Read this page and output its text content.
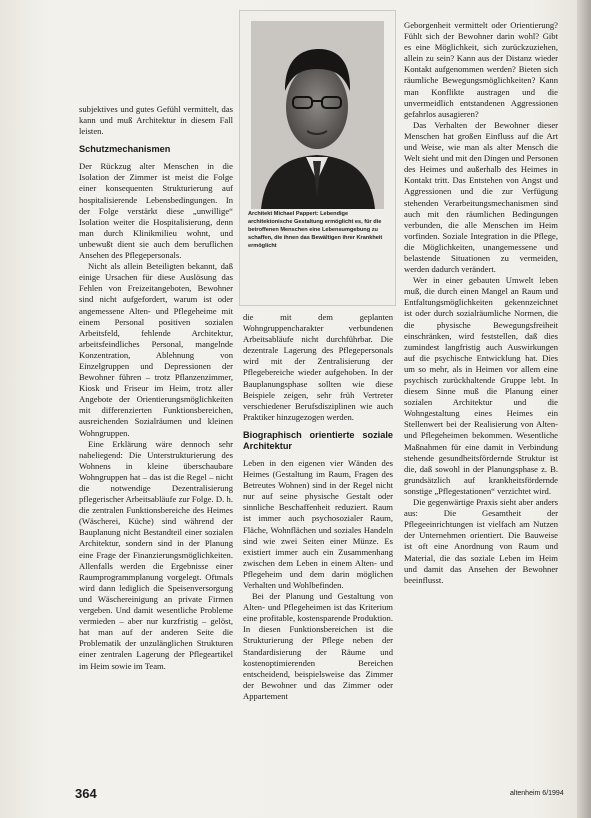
Architekt Michael Pappert: Lebendige architektonische Gestaltung ermöglicht es, für die betroffenen Menschen eine Lebensumgebung zu schaffen, die ihnen das Bewältigen ihrer Krankheit ermöglicht

subjektives und gutes Gefühl vermittelt, das kann und muß Architektur in diesem Fall leisten.

Schutzmechanismen

Der Rückzug alter Menschen in die Isolation der Zimmer ist meist die Folge einer konsequenten Strukturierung auf hospitalisierende Lebensbedingungen. In der Folge verstärkt diese „unwillige“ Isolation weiter die Hospitalisierung, denn man durch Klinikmilieu wohnt, und unbewußt dient sie auch dem beruflichen Ansehen des Pflegepersonals.

Nicht als allein Beteiligten bekannt, daß einige Ursachen für diese Auslösung das Fehlen von Freizeitangeboten, Bewohner sind nicht aufgefordert, warum ist oder angemessene Alten- und Pflegeheime mit einem Personal positiven sozialen Arbeitsfeld, fehlende Architektur, arbeitsfeindliches Personal, mangelnde Konzentration, Ablehnung von Einzelgruppen und Depressionen der Bewohner führen – trotz Pflanzenzimmer, Kiosk und Friseur im Heim, trotz aller Angebote der Orientierungsmöglichkeiten mit differenzierten Funktionsbereichen, ausreichenden Sozialräumen und kleinen Wohngruppen.

Eine Erklärung wäre dennoch sehr naheliegend: Die Unterstrukturierung des Wohnens in kleine überschaubare Wohngruppen hat – das ist die Regel – nicht die notwendige Dezentralisierung pflegerischer Arbeitsabläufe zur Folge. D. h. die zentralen Funktionsbereiche des Heimes (Wäscherei, Küche) sind während der Bauplanung nicht Bestandteil einer sozialen Architektur, sondern sind in der Planung eine Frage der Finanzierungsmöglichkeiten. Allenfalls werden die Ergebnisse einer Raumprogrammplanung vorgelegt. Oftmals wird dann lediglich die Speisenversorgung und Wäschereinigung an private Firmen vergeben. Und damit wesentliche Probleme vermieden – aber nur kurzfristig – gelöst, hat man auf der anderen Seite die Problematik der unzulänglichen Strukturen einer zentralen Lagerung der Pflegeartikel im Heim sowie im Team.

die mit dem geplanten Wohngruppencharakter verbundenen Arbeitsabläufe nicht durchführbar. Die dezentrale Lagerung des Pflegepersonals wird mit der Zentralisierung der Pflegebereiche wieder aufgehoben. In der Bauplanungsphase sollten wie diese Beispiele zeigen, sehr früh Vertreter verschiedener Berufsdisziplinen wie auch Praktiker hinzugezogen werden.

Biographisch orientierte soziale Architektur

Leben in den eigenen vier Wänden des Heimes (Gestaltung im Raum, Fragen des Betreutes Wohnen) sind in der Regel nicht nur auf seine physische Gestalt oder sinnliche Beschaffenheit reduziert. Raum ist immer auch psychosozialer Raum, Fläche, Wohnflächen und soziales Handeln sind wie zwei Seiten einer Münze. Es existiert immer auch ein Zusammenhang zwischen dem Leben in einem Alten- und Pflegeheim und dem darin möglichen Verhalten und Wohlbefinden.

Bei der Planung und Gestaltung von Alten- und Pflegeheimen ist das Kriterium eine profitable, kostensparende Produktion. In diesen Funktionsbereichen ist die Strukturierung der Pflege neben der Standardisierung der Räume und kostenoptimierenden Bereichen entscheidend, beispielsweise das Zimmer der Bewohner und das Zimmer oder Appartement

Geborgenheit vermittelt oder Orientierung? Fühlt sich der Bewohner darin wohl? Gibt es eine Möglichkeit, sich zurückzuziehen, allein zu sein? Kann aus der Distanz wieder Kontakt aufgenommen werden? Bieten sich räumliche Bewegungsmöglichkeiten? Kann man Konflikte austragen und die unvermeidlich entstandenen Aggressionen gefahrlos ausagieren?

Das Verhalten der Bewohner dieser Menschen hat großen Einfluss auf die Art und Weise, wie man als alter Mensch die Welt sieht und mit den Dingen und Personen des Heimes und außerhalb des Heimes in Kontakt tritt. Das Entstehen von Angst und Aggressionen und die zur Verfügung stehenden Verarbeitungsmechanismen sind auch mit den räumlichen Bedingungen verbunden, die alle Menschen im Heim vorfinden. Soziale Integration in die Pflege, die Möglichkeiten, unangemessene und belastende Situationen zu vermeiden, werden dadurch verändert.

Wer in einer gebauten Umwelt leben muß, die durch einen Mangel an Raum und Entfaltungsmöglichkeiten gekennzeichnet ist oder durch sozialräumliche Normen, die die physische Bewegungsfreiheit einschränken, wird feststellen, daß dies zumindest langfristig auch Auswirkungen auf die psychische Entwicklung hat. Dies um so mehr, als in Heimen vor allem eine psychisch zurückhaltende Gruppe lebt. In diesem Sinne muß die Planung einer sozialen Architektur und die Wohngestaltung eines Heimes ein Stellenwert bei der Realisierung von Alten- und Pflegeheimen bekommen. Wesentliche Maßnahmen für eine damit in Verbindung stehende gesundheitsfördernde Struktur ist die, daß sowohl in der Planungsphase z. B. grundsätzlich auf krankheitsfördernde sonstige „Pflegestationen“ verzichtet wird.

Die gegenwärtige Praxis sieht aber anders aus: Die Gesamtheit der Pflegeeinrichtungen ist vielfach am Nutzen der Unternehmen orientiert. Die Bauweise ist oft eine Anordnung von Raum und Material, die das soziale Leben im Heim und damit das Ansehen der Bewohner beeinflusst.

364	altenheim 6/1994
